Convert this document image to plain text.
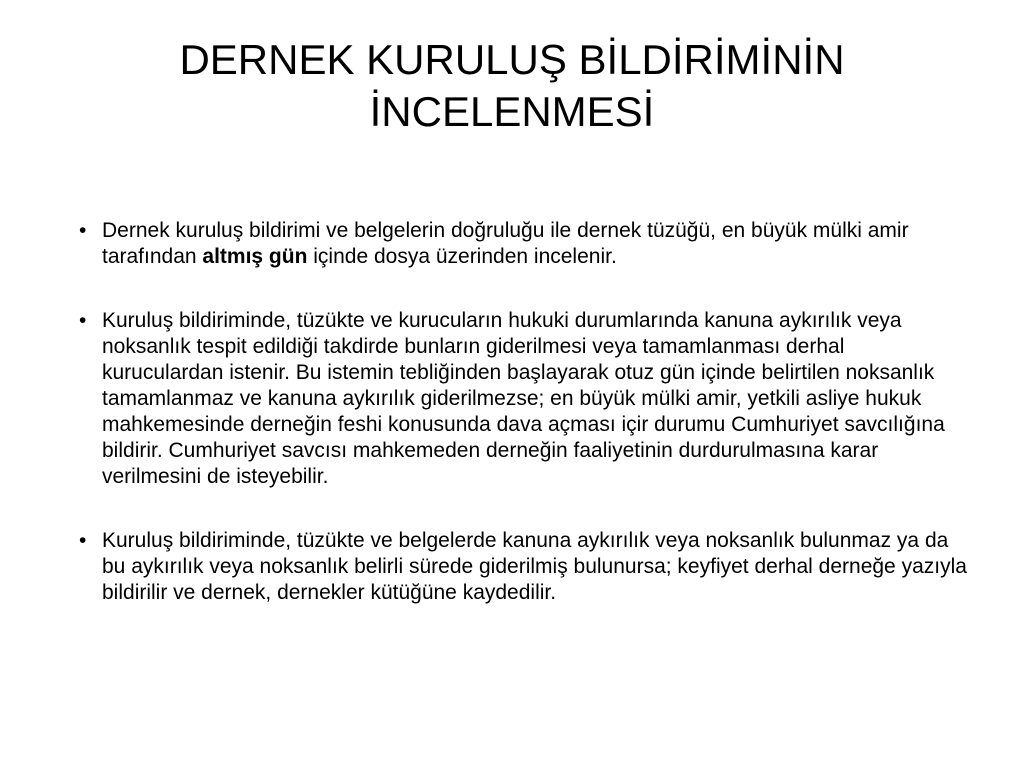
DERNEK KURULUŞ BİLDİRİMİNİN
İNCELENMESİ
• Dernek kuruluş bildirimi ve belgelerin doğruluğu ile dernek tüzüğü, en büyük mülki amir tarafından altmış gün içinde dosya üzerinden incelenir.
• Kuruluş bildiriminde, tüzükte ve kurucuların hukuki durumlarında kanuna aykırılık veya noksanlık tespit edildiği takdirde bunların giderilmesi veya tamamlanması derhal kuruculardan istenir. Bu istemin tebliğinden başlayarak otuz gün içinde belirtilen noksanlık tamamlanmaz ve kanuna aykırılık giderilmezse; en büyük mülki amir, yetkili asliye hukuk mahkemesinde derneğin feshi konusunda dava açması içir durumu Cumhuriyet savcılığına bildirir. Cumhuriyet savcısı mahkemeden derneğin faaliyetinin durdurulmasına karar verilmesini de isteyebilir.
• Kuruluş bildiriminde, tüzükte ve belgelerde kanuna aykırılık veya noksanlık bulunmaz ya da bu aykırılık veya noksanlık belirli sürede giderilmiş bulunursa; keyfiyet derhal derneğe yazıyla bildirilir ve dernek, dernekler kütüğüne kaydedilir.
